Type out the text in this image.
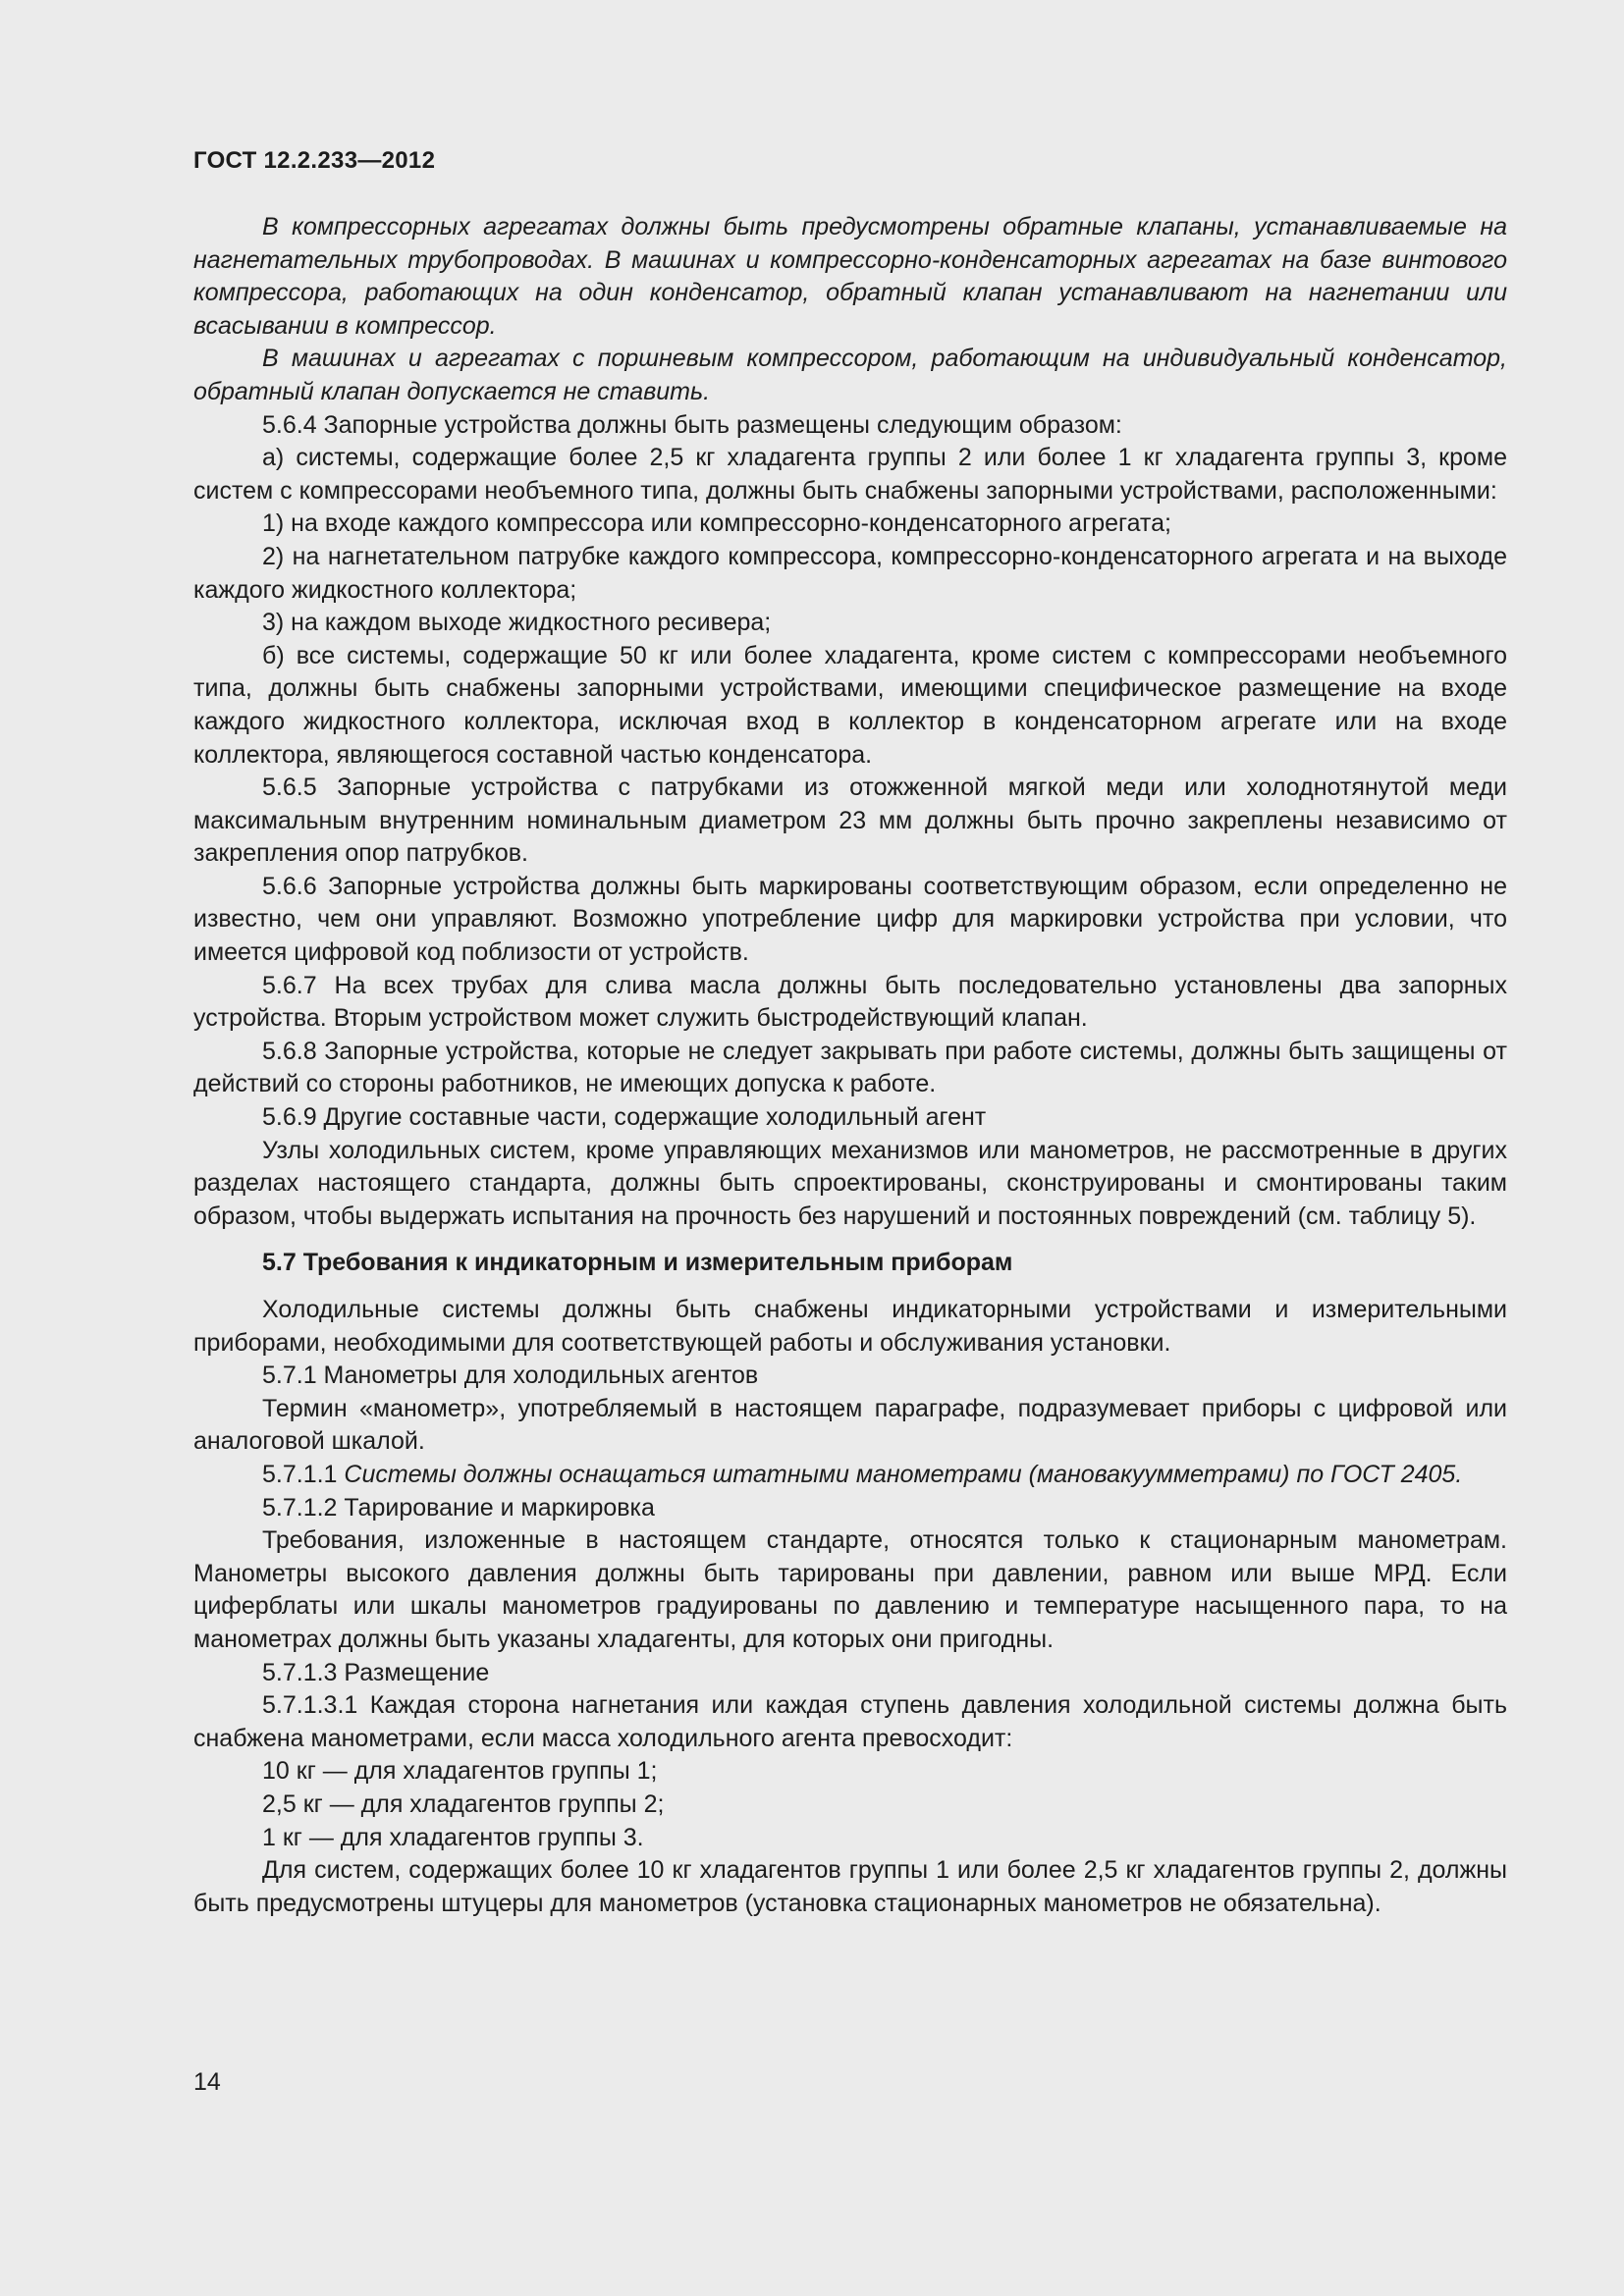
ГОСТ 12.2.233—2012

В компрессорных агрегатах должны быть предусмотрены обратные клапаны, устанавливаемые на нагнетательных трубопроводах. В машинах и компрессорно-конденсаторных агрегатах на базе винтового компрессора, работающих на один конденсатор, обратный клапан устанавливают на нагнетании или всасывании в компрессор.

В машинах и агрегатах с поршневым компрессором, работающим на индивидуальный конденсатор, обратный клапан допускается не ставить.

5.6.4 Запорные устройства должны быть размещены следующим образом:

а) системы, содержащие более 2,5 кг хладагента группы 2 или более 1 кг хладагента группы 3, кроме систем с компрессорами необъемного типа, должны быть снабжены запорными устройствами, расположенными:

1) на входе каждого компрессора или компрессорно-конденсаторного агрегата;

2) на нагнетательном патрубке каждого компрессора, компрессорно-конденсаторного агрегата и на выходе каждого жидкостного коллектора;

3) на каждом выходе жидкостного ресивера;

б) все системы, содержащие 50 кг или более хладагента, кроме систем с компрессорами необъемного типа, должны быть снабжены запорными устройствами, имеющими специфическое размещение на входе каждого жидкостного коллектора, исключая вход в коллектор в конденсаторном агрегате или на входе коллектора, являющегося составной частью конденсатора.

5.6.5 Запорные устройства с патрубками из отожженной мягкой меди или холоднотянутой меди максимальным внутренним номинальным диаметром 23 мм должны быть прочно закреплены независимо от закрепления опор патрубков.

5.6.6 Запорные устройства должны быть маркированы соответствующим образом, если определенно не известно, чем они управляют. Возможно употребление цифр для маркировки устройства при условии, что имеется цифровой код поблизости от устройств.

5.6.7 На всех трубах для слива масла должны быть последовательно установлены два запорных устройства. Вторым устройством может служить быстродействующий клапан.

5.6.8 Запорные устройства, которые не следует закрывать при работе системы, должны быть защищены от действий со стороны работников, не имеющих допуска к работе.

5.6.9 Другие составные части, содержащие холодильный агент

Узлы холодильных систем, кроме управляющих механизмов или манометров, не рассмотренные в других разделах настоящего стандарта, должны быть спроектированы, сконструированы и смонтированы таким образом, чтобы выдержать испытания на прочность без нарушений и постоянных повреждений (см. таблицу 5).

5.7 Требования к индикаторным и измерительным приборам

Холодильные системы должны быть снабжены индикаторными устройствами и измерительными приборами, необходимыми для соответствующей работы и обслуживания установки.

5.7.1 Манометры для холодильных агентов

Термин «манометр», употребляемый в настоящем параграфе, подразумевает приборы с цифровой или аналоговой шкалой.

5.7.1.1 Системы должны оснащаться штатными манометрами (мановакуумметрами) по ГОСТ 2405.

5.7.1.2 Тарирование и маркировка

Требования, изложенные в настоящем стандарте, относятся только к стационарным манометрам. Манометры высокого давления должны быть тарированы при давлении, равном или выше МРД. Если циферблаты или шкалы манометров градуированы по давлению и температуре насыщенного пара, то на манометрах должны быть указаны хладагенты, для которых они пригодны.

5.7.1.3 Размещение

5.7.1.3.1 Каждая сторона нагнетания или каждая ступень давления холодильной системы должна быть снабжена манометрами, если масса холодильного агента превосходит:

10 кг — для хладагентов группы 1;

2,5 кг — для хладагентов группы 2;

1 кг — для хладагентов группы 3.

Для систем, содержащих более 10 кг хладагентов группы 1 или более 2,5 кг хладагентов группы 2, должны быть предусмотрены штуцеры для манометров (установка стационарных манометров не обязательна).

14
